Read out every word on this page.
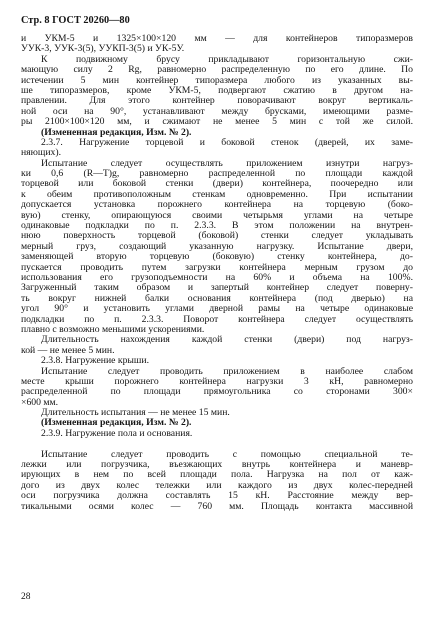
Стр. 8 ГОСТ 20260—80
и УКМ-5 и 1325×100×120 мм — для контейнеров типоразмеров
УУК-3, УУК-3(5), УУКП-3(5) и УК-5У.
К подвижному брусу прикладывают горизонтальную сжи-
мающую силу 2 Rg, равномерно распределенную по его длине. По
истечении 5 мин контейнер типоразмера любого из указанных вы-
ше типоразмеров, кроме УКМ-5, подвергают сжатию в другом на-
правлении. Для этого контейнер поворачивают вокруг вертикаль-
ной оси на 90°, устанавливают между брусками, имеющими разме-
ры 2100×100×120 мм, и сжимают не менее 5 мин с той же силой.
(Измененная редакция, Изм. № 2).
2.3.7. Нагружение торцевой и боковой стенок (дверей, их заме-
няющих).
Испытание следует осуществлять приложением изнутри нагруз-
ки 0,6 (R—T)g, равномерно распределенной по площади каждой
торцевой или боковой стенки (двери) контейнера, поочередно или
к обеим противоположным стенкам одновременно. При испытании
допускается установка порожнего контейнера на торцевую (боко-
вую) стенку, опирающуюся своими четырьмя углами на четыре
одинаковые подкладки по п. 2.3.3. В этом положении на внутрен-
нюю поверхность торцевой (боковой) стенки следует укладывать
мерный груз, создающий указанную нагрузку. Испытание двери,
заменяющей вторую торцевую (боковую) стенку контейнера, до-
пускается проводить путем загрузки контейнера мерным грузом до
использования его грузоподъемности на 60% и объема на 100%.
Загруженный таким образом и запертый контейнер следует поверну-
ть вокруг нижней балки основания контейнера (под дверью) на
угол 90° и установить углами дверной рамы на четыре одинаковые
подкладки по п. 2.3.3. Поворот контейнера следует осуществлять
плавно с возможно меньшими ускорениями.
Длительность нахождения каждой стенки (двери) под нагруз-
кой — не менее 5 мин.
2.3.8. Нагружение крыши.
Испытание следует проводить приложением в наиболее слабом
месте крыши порожнего контейнера нагрузки 3 кН, равномерно
распределенной по площади прямоугольника со сторонами 300×
×600 мм.
Длительность испытания — не менее 15 мин.
(Измененная редакция, Изм. № 2).
2.3.9. Нагружение пола и основания.
Испытание следует проводить с помощью специальной те-
лежки или погрузчика, въезжающих внутрь контейнера и маневр-
ирующих в нем по всей площади пола. Нагрузка на пол от каж-
дого из двух колес тележки или каждого из двух колес-передней
оси погрузчика должна составлять 15 кН. Расстояние между вер-
тикальными осями колес — 760 мм. Площадь контакта массивной
28
